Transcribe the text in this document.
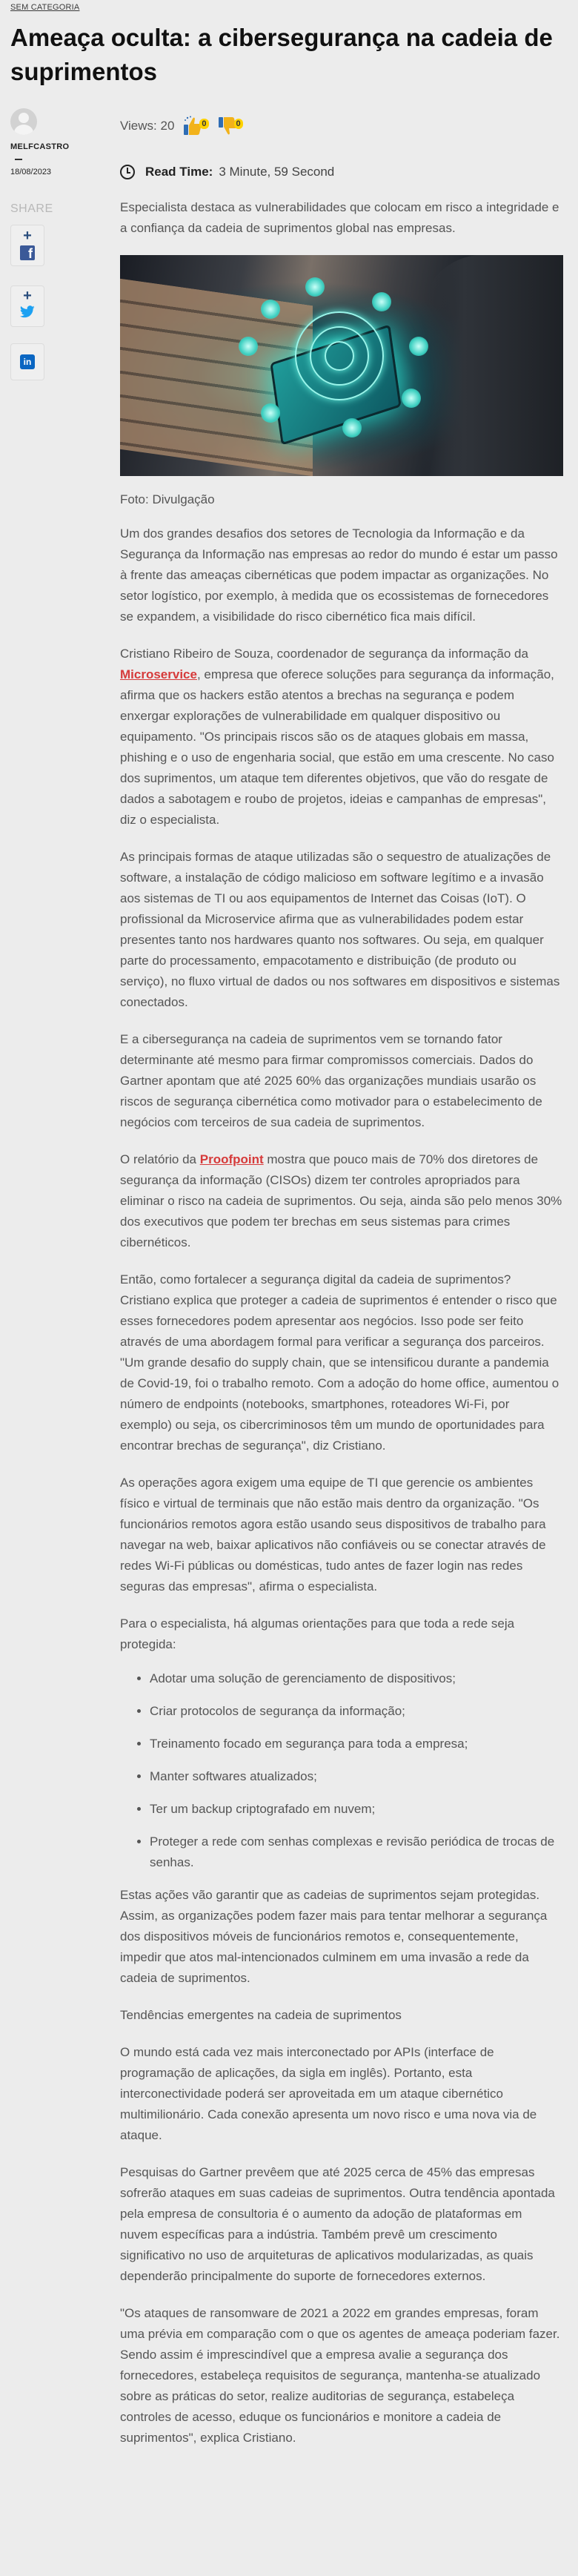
SEM CATEGORIA
Ameaça oculta: a cibersegurança na cadeia de suprimentos
MELFCASTRO
18/08/2023
SHARE
+
f
+
in
Views: 20	0	0
Read Time: 3 Minute, 59 Second

Especialista destaca as vulnerabilidades que colocam em risco a integridade e a confiança da cadeia de suprimentos global nas empresas.

Foto: Divulgação

Um dos grandes desafios dos setores de Tecnologia da Informação e da Segurança da Informação nas empresas ao redor do mundo é estar um passo à frente das ameaças cibernéticas que podem impactar as organizações. No setor logístico, por exemplo, à medida que os ecossistemas de fornecedores se expandem, a visibilidade do risco cibernético fica mais difícil.

Cristiano Ribeiro de Souza, coordenador de segurança da informação da Microservice, empresa que oferece soluções para segurança da informação, afirma que os hackers estão atentos a brechas na segurança e podem enxergar explorações de vulnerabilidade em qualquer dispositivo ou equipamento. "Os principais riscos são os de ataques globais em massa, phishing e o uso de engenharia social, que estão em uma crescente. No caso dos suprimentos, um ataque tem diferentes objetivos, que vão do resgate de dados a sabotagem e roubo de projetos, ideias e campanhas de empresas", diz o especialista.

As principais formas de ataque utilizadas são o sequestro de atualizações de software, a instalação de código malicioso em software legítimo e a invasão aos sistemas de TI ou aos equipamentos de Internet das Coisas (IoT). O profissional da Microservice afirma que as vulnerabilidades podem estar presentes tanto nos hardwares quanto nos softwares. Ou seja, em qualquer parte do processamento, empacotamento e distribuição (de produto ou serviço), no fluxo virtual de dados ou nos softwares em dispositivos e sistemas conectados.

E a cibersegurança na cadeia de suprimentos vem se tornando fator determinante até mesmo para firmar compromissos comerciais. Dados do Gartner apontam que até 2025 60% das organizações mundiais usarão os riscos de segurança cibernética como motivador para o estabelecimento de negócios com terceiros de sua cadeia de suprimentos.

O relatório da Proofpoint mostra que pouco mais de 70% dos diretores de segurança da informação (CISOs) dizem ter controles apropriados para eliminar o risco na cadeia de suprimentos. Ou seja, ainda são pelo menos 30% dos executivos que podem ter brechas em seus sistemas para crimes cibernéticos.

Então, como fortalecer a segurança digital da cadeia de suprimentos? Cristiano explica que proteger a cadeia de suprimentos é entender o risco que esses fornecedores podem apresentar aos negócios. Isso pode ser feito através de uma abordagem formal para verificar a segurança dos parceiros. "Um grande desafio do supply chain, que se intensificou durante a pandemia de Covid-19, foi o trabalho remoto. Com a adoção do home office, aumentou o número de endpoints (notebooks, smartphones, roteadores Wi-Fi, por exemplo) ou seja, os cibercriminosos têm um mundo de oportunidades para encontrar brechas de segurança", diz Cristiano.

As operações agora exigem uma equipe de TI que gerencie os ambientes físico e virtual de terminais que não estão mais dentro da organização. "Os funcionários remotos agora estão usando seus dispositivos de trabalho para navegar na web, baixar aplicativos não confiáveis ou se conectar através de redes Wi-Fi públicas ou domésticas, tudo antes de fazer login nas redes seguras das empresas", afirma o especialista.

Para o especialista, há algumas orientações para que toda a rede seja protegida:

• Adotar uma solução de gerenciamento de dispositivos;
• Criar protocolos de segurança da informação;
• Treinamento focado em segurança para toda a empresa;
• Manter softwares atualizados;
• Ter um backup criptografado em nuvem;
• Proteger a rede com senhas complexas e revisão periódica de trocas de senhas.

Estas ações vão garantir que as cadeias de suprimentos sejam protegidas. Assim, as organizações podem fazer mais para tentar melhorar a segurança dos dispositivos móveis de funcionários remotos e, consequentemente, impedir que atos mal-intencionados culminem em uma invasão a rede da cadeia de suprimentos.

Tendências emergentes na cadeia de suprimentos

O mundo está cada vez mais interconectado por APIs (interface de programação de aplicações, da sigla em inglês). Portanto, esta interconectividade poderá ser aproveitada em um ataque cibernético multimilionário. Cada conexão apresenta um novo risco e uma nova via de ataque.

Pesquisas do Gartner prevêem que até 2025 cerca de 45% das empresas sofrerão ataques em suas cadeias de suprimentos. Outra tendência apontada pela empresa de consultoria é o aumento da adoção de plataformas em nuvem específicas para a indústria. Também prevê um crescimento significativo no uso de arquiteturas de aplicativos modularizadas, as quais dependerão principalmente do suporte de fornecedores externos.

"Os ataques de ransomware de 2021 a 2022 em grandes empresas, foram uma prévia em comparação com o que os agentes de ameaça poderiam fazer. Sendo assim é imprescindível que a empresa avalie a segurança dos fornecedores, estabeleça requisitos de segurança, mantenha-se atualizado sobre as práticas do setor, realize auditorias de segurança, estabeleça controles de acesso, eduque os funcionários e monitore a cadeia de suprimentos", explica Cristiano.
